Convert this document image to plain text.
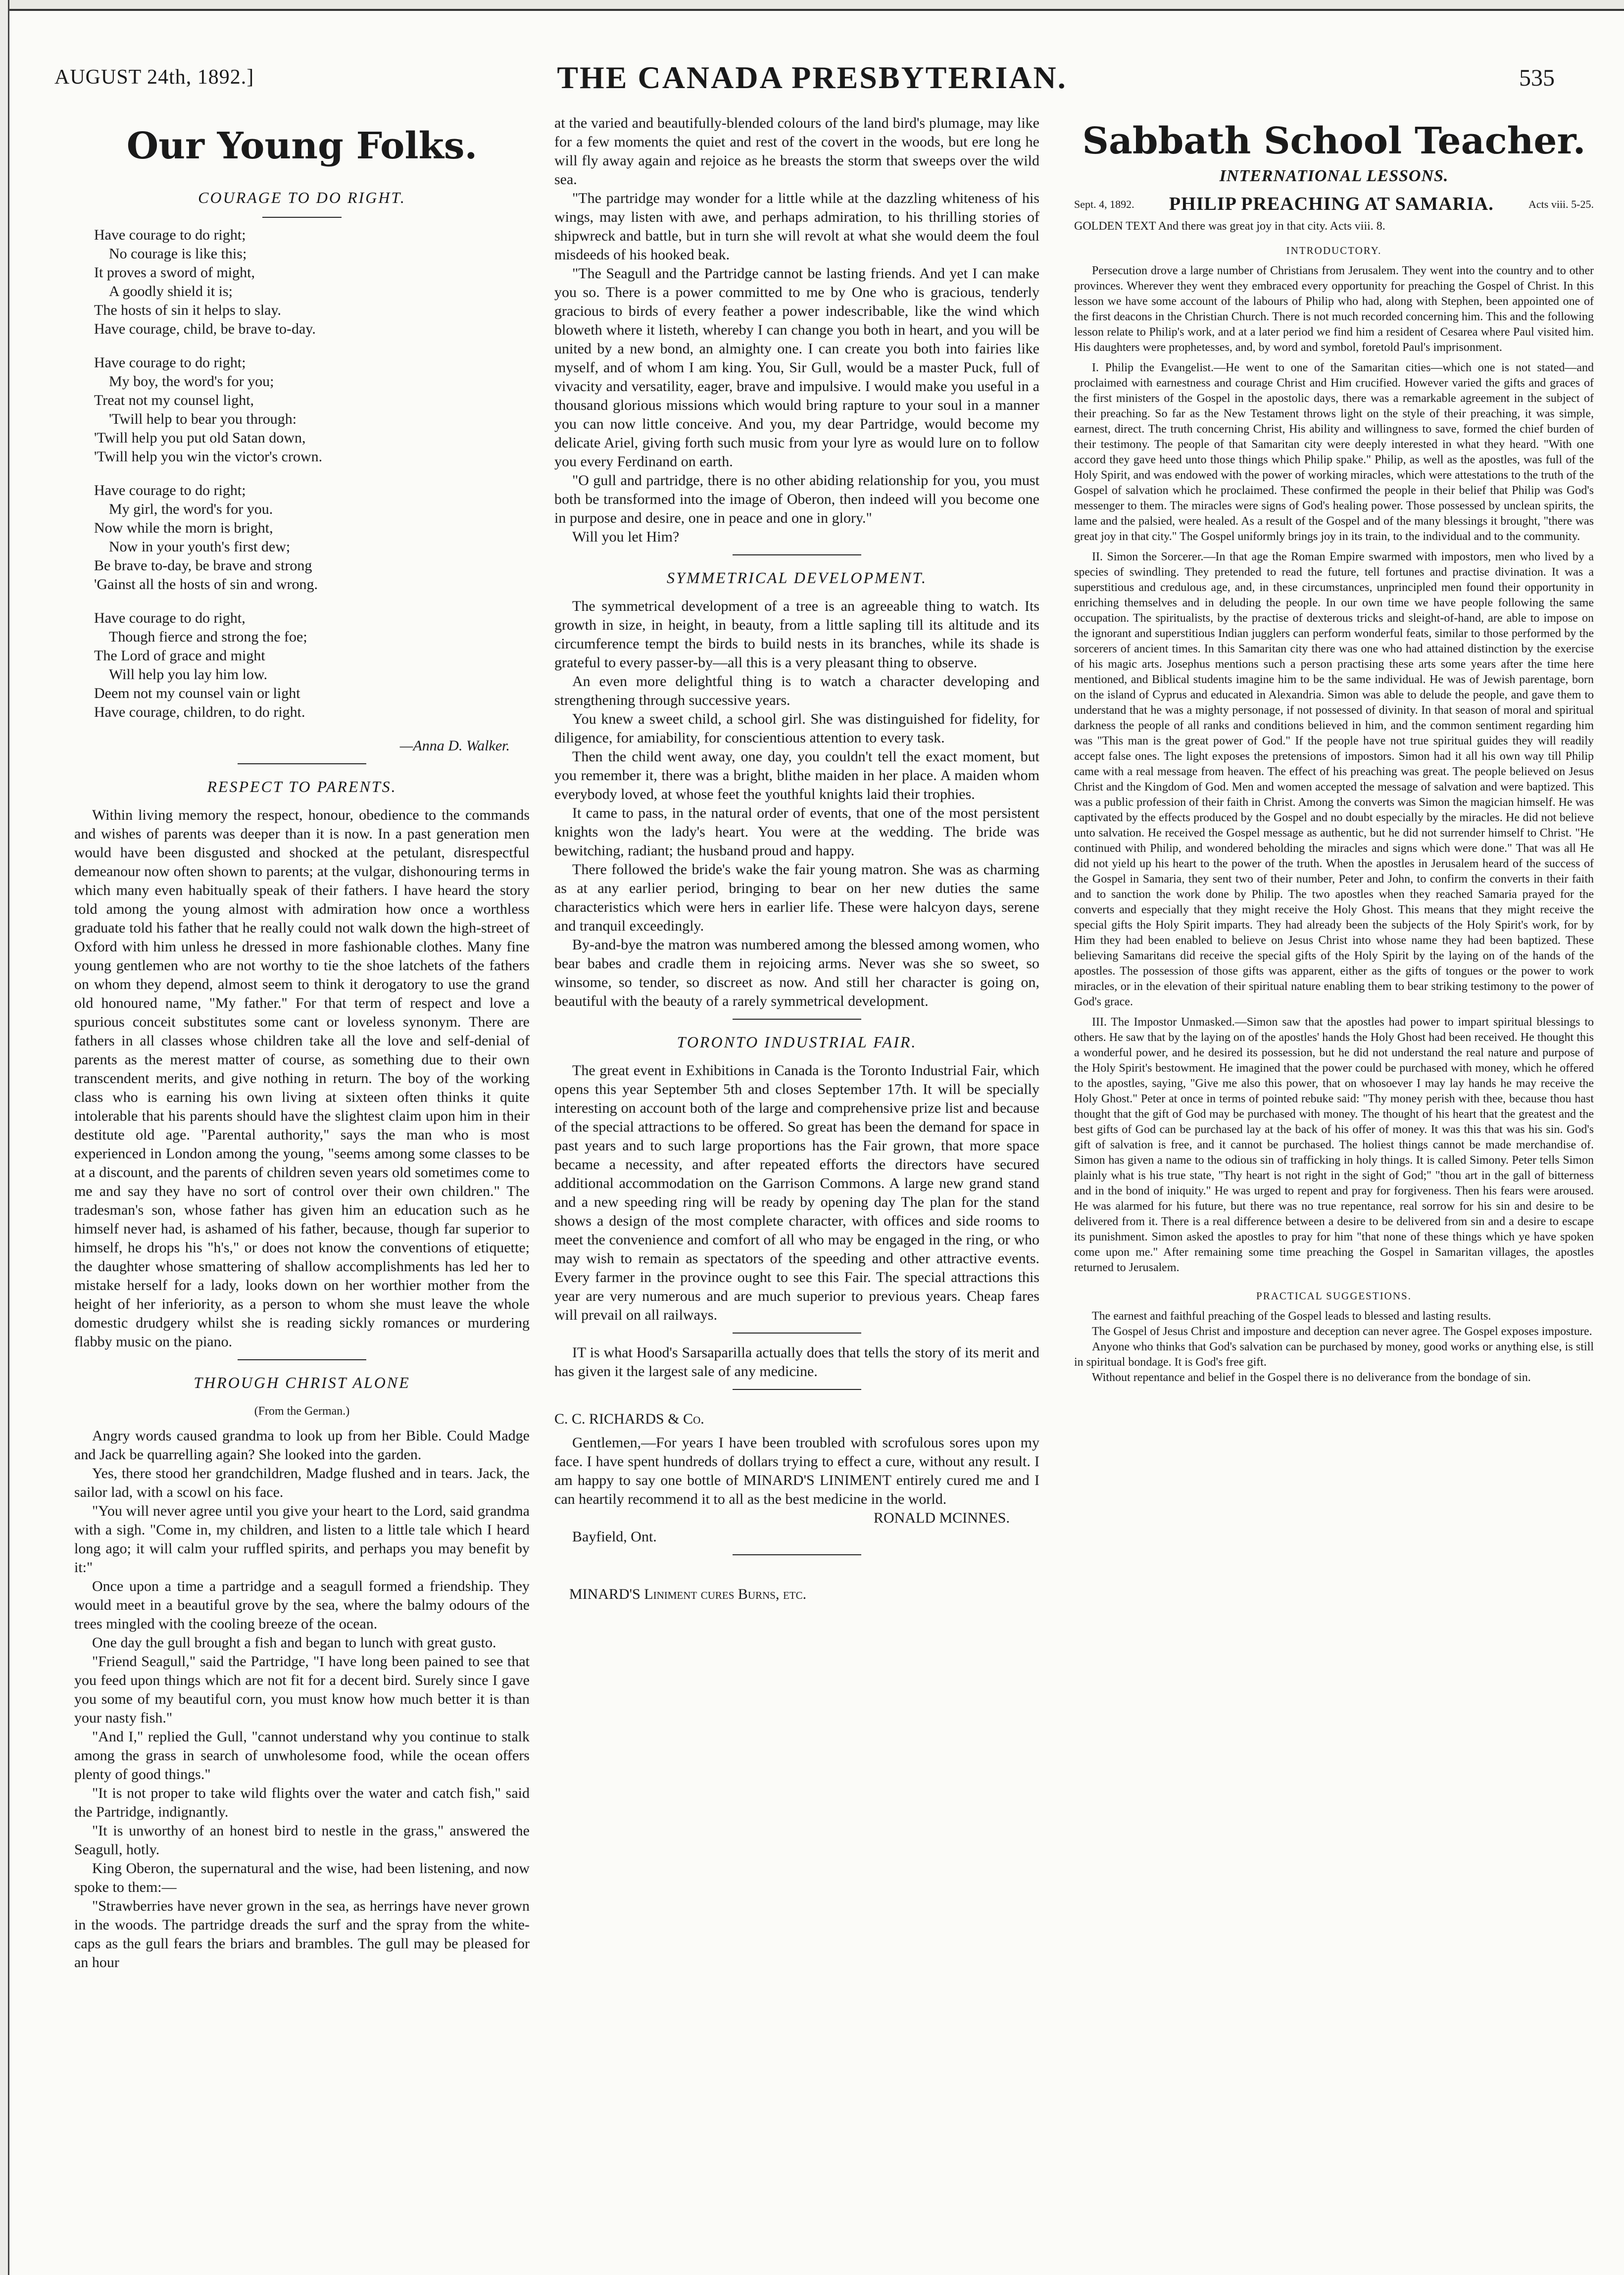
AUGUST 24th, 1892.]	THE CANADA PRESBYTERIAN.	535
Our Young Folks.
COURAGE TO DO RIGHT.
Have courage to do right;
No courage is like this;
It proves a sword of might,
A goodly shield it is;
The hosts of sin it helps to slay.
Have courage, child, be brave to-day.
Have courage to do right;
My boy, the word's for you;
Treat not my counsel light,
'Twill help to bear you through:
'Twill help you put old Satan down,
'Twill help you win the victor's crown.
Have courage to do right;
My girl, the word's for you.
Now while the morn is bright,
Now in your youth's first dew;
Be brave to-day, be brave and strong
'Gainst all the hosts of sin and wrong.
Have courage to do right,
Though fierce and strong the foe;
The Lord of grace and might
Will help you lay him low.
Deem not my counsel vain or light
Have courage, children, to do right.
—Anna D. Walker.
RESPECT TO PARENTS.

Within living memory the respect, honour, obedience to the commands and wishes of parents was deeper than it is now. In a past generation men would have been disgusted and shocked at the petulant, disrespectful demeanour now often shown to parents; at the vulgar, dishonouring terms in which many even habitually speak of their fathers. I have heard the story told among the young almost with admiration how once a worthless graduate told his father that he really could not walk down the high-street of Oxford with him unless he dressed in more fashionable clothes. Many fine young gentlemen who are not worthy to tie the shoe latchets of the fathers on whom they depend, almost seem to think it derogatory to use the grand old honoured name, "My father." For that term of respect and love a spurious conceit substitutes some cant or loveless synonym. There are fathers in all classes whose children take all the love and self-denial of parents as the merest matter of course, as something due to their own transcendent merits, and give nothing in return. The boy of the working class who is earning his own living at sixteen often thinks it quite intolerable that his parents should have the slightest claim upon him in their destitute old age. "Parental authority," says the man who is most experienced in London among the young, "seems among some classes to be at a discount, and the parents of children seven years old sometimes come to me and say they have no sort of control over their own children." The tradesman's son, whose father has given him an education such as he himself never had, is ashamed of his father, because, though far superior to himself, he drops his "h's," or does not know the conventions of etiquette; the daughter whose smattering of shallow accomplishments has led her to mistake herself for a lady, looks down on her worthier mother from the height of her inferiority, as a person to whom she must leave the whole domestic drudgery whilst she is reading sickly romances or murdering flabby music on the piano.

THROUGH CHRIST ALONE
(From the German.)

Angry words caused grandma to look up from her Bible. Could Madge and Jack be quarrelling again? She looked into the garden.

Yes, there stood her grandchildren, Madge flushed and in tears. Jack, the sailor lad, with a scowl on his face.

"You will never agree until you give your heart to the Lord, said grandma with a sigh. "Come in, my children, and listen to a little tale which I heard long ago; it will calm your ruffled spirits, and perhaps you may benefit by it:"

Once upon a time a partridge and a seagull formed a friendship. They would meet in a beautiful grove by the sea, where the balmy odours of the trees mingled with the cooling breeze of the ocean.

One day the gull brought a fish and began to lunch with great gusto.

"Friend Seagull," said the Partridge, "I have long been pained to see that you feed upon things which are not fit for a decent bird. Surely since I gave you some of my beautiful corn, you must know how much better it is than your nasty fish."

"And I," replied the Gull, "cannot understand why you continue to stalk among the grass in search of unwholesome food, while the ocean offers plenty of good things."

"It is not proper to take wild flights over the water and catch fish," said the Partridge, indignantly.

"It is unworthy of an honest bird to nestle in the grass," answered the Seagull, hotly.

King Oberon, the supernatural and the wise, had been listening, and now spoke to them:—

"Strawberries have never grown in the sea, as herrings have never grown in the woods. The partridge dreads the surf and the spray from the white-caps as the gull fears the briars and brambles. The gull may be pleased for an hour

at the varied and beautifully-blended colours of the land bird's plumage, may like for a few moments the quiet and rest of the covert in the woods, but ere long he will fly away again and rejoice as he breasts the storm that sweeps over the wild sea.

"The partridge may wonder for a little while at the dazzling whiteness of his wings, may listen with awe, and perhaps admiration, to his thrilling stories of shipwreck and battle, but in turn she will revolt at what she would deem the foul misdeeds of his hooked beak.

"The Seagull and the Partridge cannot be lasting friends. And yet I can make you so. There is a power committed to me by One who is gracious, tenderly gracious to birds of every feather a power indescribable, like the wind which bloweth where it listeth, whereby I can change you both in heart, and you will be united by a new bond, an almighty one. I can create you both into fairies like myself, and of whom I am king. You, Sir Gull, would be a master Puck, full of vivacity and versatility, eager, brave and impulsive. I would make you useful in a thousand glorious missions which would bring rapture to your soul in a manner you can now little conceive. And you, my dear Partridge, would become my delicate Ariel, giving forth such music from your lyre as would lure on to follow you every Ferdinand on earth.

"O gull and partridge, there is no other abiding relationship for you, you must both be transformed into the image of Oberon, then indeed will you become one in purpose and desire, one in peace and one in glory."

Will you let Him?

SYMMETRICAL DEVELOPMENT.

The symmetrical development of a tree is an agreeable thing to watch. Its growth in size, in height, in beauty, from a little sapling till its altitude and its circumference tempt the birds to build nests in its branches, while its shade is grateful to every passer-by—all this is a very pleasant thing to observe.

An even more delightful thing is to watch a character developing and strengthening through successive years.

You knew a sweet child, a school girl. She was distinguished for fidelity, for diligence, for amiability, for conscientious attention to every task.

Then the child went away, one day, you couldn't tell the exact moment, but you remember it, there was a bright, blithe maiden in her place. A maiden whom everybody loved, at whose feet the youthful knights laid their trophies.

It came to pass, in the natural order of events, that one of the most persistent knights won the lady's heart. You were at the wedding. The bride was bewitching, radiant; the husband proud and happy.

There followed the bride's wake the fair young matron. She was as charming as at any earlier period, bringing to bear on her new duties the same characteristics which were hers in earlier life. These were halcyon days, serene and tranquil exceedingly.

By-and-bye the matron was numbered among the blessed among women, who bear babes and cradle them in rejoicing arms. Never was she so sweet, so winsome, so tender, so discreet as now. And still her character is going on, beautiful with the beauty of a rarely symmetrical development.

TORONTO INDUSTRIAL FAIR.

The great event in Exhibitions in Canada is the Toronto Industrial Fair, which opens this year September 5th and closes September 17th. It will be specially interesting on account both of the large and comprehensive prize list and because of the special attractions to be offered. So great has been the demand for space in past years and to such large proportions has the Fair grown, that more space became a necessity, and after repeated efforts the directors have secured additional accommodation on the Garrison Commons. A large new grand stand and a new speeding ring will be ready by opening day The plan for the stand shows a design of the most complete character, with offices and side rooms to meet the convenience and comfort of all who may be engaged in the ring, or who may wish to remain as spectators of the speeding and other attractive events. Every farmer in the province ought to see this Fair. The special attractions this year are very numerous and are much superior to previous years. Cheap fares will prevail on all railways.

IT is what Hood's Sarsaparilla actually does that tells the story of its merit and has given it the largest sale of any medicine.

C. C. RICHARDS & Co.

Gentlemen,—For years I have been troubled with scrofulous sores upon my face. I have spent hundreds of dollars trying to effect a cure, without any result. I am happy to say one bottle of MINARD'S LINIMENT entirely cured me and I can heartily recommend it to all as the best medicine in the world.

RONALD MCINNES.
Bayfield, Ont.
MINARD'S Liniment cures Burns, etc.
Sabbath School Teacher.
INTERNATIONAL LESSONS.
Sept. 4, 1892. PHILIP PREACHING AT SAMARIA.	Acts viii. 5-25.

GOLDEN TEXT And there was great joy in that city. Acts viii. 8.

INTRODUCTORY.

Persecution drove a large number of Christians from Jerusalem. They went into the country and to other provinces. Wherever they went they embraced every opportunity for preaching the Gospel of Christ. In this lesson we have some account of the labours of Philip who had, along with Stephen, been appointed one of the first deacons in the Christian Church. There is not much recorded concerning him. This and the following lesson relate to Philip's work, and at a later period we find him a resident of Cesarea where Paul visited him. His daughters were prophetesses, and, by word and symbol, foretold Paul's imprisonment.

I. Philip the Evangelist.—He went to one of the Samaritan cities—which one is not stated—and proclaimed with earnestness and courage Christ and Him crucified. However varied the gifts and graces of the first ministers of the Gospel in the apostolic days, there was a remarkable agreement in the subject of their preaching. So far as the New Testament throws light on the style of their preaching, it was simple, earnest, direct. The truth concerning Christ, His ability and willingness to save, formed the chief burden of their testimony. The people of that Samaritan city were deeply interested in what they heard. "With one accord they gave heed unto those things which Philip spake." Philip, as well as the apostles, was full of the Holy Spirit, and was endowed with the power of working miracles, which were attestations to the truth of the Gospel of salvation which he proclaimed. These confirmed the people in their belief that Philip was God's messenger to them. The miracles were signs of God's healing power. Those possessed by unclean spirits, the lame and the palsied, were healed. As a result of the Gospel and of the many blessings it brought, "there was great joy in that city." The Gospel uniformly brings joy in its train, to the individual and to the community.

II. Simon the Sorcerer.—In that age the Roman Empire swarmed with impostors, men who lived by a species of swindling. They pretended to read the future, tell fortunes and practise divination. It was a superstitious and credulous age, and, in these circumstances, unprincipled men found their opportunity in enriching themselves and in deluding the people. In our own time we have people following the same occupation. The spiritualists, by the practise of dexterous tricks and sleight-of-hand, are able to impose on the ignorant and superstitious Indian jugglers can perform wonderful feats, similar to those performed by the sorcerers of ancient times. In this Samaritan city there was one who had attained distinction by the exercise of his magic arts. Josephus mentions such a person practising these arts some years after the time here mentioned, and Biblical students imagine him to be the same individual. He was of Jewish parentage, born on the island of Cyprus and educated in Alexandria. Simon was able to delude the people, and gave them to understand that he was a mighty personage, if not possessed of divinity. In that season of moral and spiritual darkness the people of all ranks and conditions believed in him, and the common sentiment regarding him was "This man is the great power of God." If the people have not true spiritual guides they will readily accept false ones. The light exposes the pretensions of impostors. Simon had it all his own way till Philip came with a real message from heaven. The effect of his preaching was great. The people believed on Jesus Christ and the Kingdom of God. Men and women accepted the message of salvation and were baptized. This was a public profession of their faith in Christ. Among the converts was Simon the magician himself. He was captivated by the effects produced by the Gospel and no doubt especially by the miracles. He did not believe unto salvation. He received the Gospel message as authentic, but he did not surrender himself to Christ. "He continued with Philip, and wondered beholding the miracles and signs which were done." That was all He did not yield up his heart to the power of the truth. When the apostles in Jerusalem heard of the success of the Gospel in Samaria, they sent two of their number, Peter and John, to confirm the converts in their faith and to sanction the work done by Philip. The two apostles when they reached Samaria prayed for the converts and especially that they might receive the Holy Ghost. This means that they might receive the special gifts the Holy Spirit imparts. They had already been the subjects of the Holy Spirit's work, for by Him they had been enabled to believe on Jesus Christ into whose name they had been baptized. These believing Samaritans did receive the special gifts of the Holy Spirit by the laying on of the hands of the apostles. The possession of those gifts was apparent, either as the gifts of tongues or the power to work miracles, or in the elevation of their spiritual nature enabling them to bear striking testimony to the power of God's grace.

III. The Impostor Unmasked.—Simon saw that the apostles had power to impart spiritual blessings to others. He saw that by the laying on of the apostles' hands the Holy Ghost had been received. He thought this a wonderful power, and he desired its possession, but he did not understand the real nature and purpose of the Holy Spirit's bestowment. He imagined that the power could be purchased with money, which he offered to the apostles, saying, "Give me also this power, that on whosoever I may lay hands he may receive the Holy Ghost." Peter at once in terms of pointed rebuke said: "Thy money perish with thee, because thou hast thought that the gift of God may be purchased with money. The thought of his heart that the greatest and the best gifts of God can be purchased lay at the back of his offer of money. It was this that was his sin. God's gift of salvation is free, and it cannot be purchased. The holiest things cannot be made merchandise of. Simon has given a name to the odious sin of trafficking in holy things. It is called Simony. Peter tells Simon plainly what is his true state, "Thy heart is not right in the sight of God;" "thou art in the gall of bitterness and in the bond of iniquity." He was urged to repent and pray for forgiveness. Then his fears were aroused. He was alarmed for his future, but there was no true repentance, real sorrow for his sin and desire to be delivered from it. There is a real difference between a desire to be delivered from sin and a desire to escape its punishment. Simon asked the apostles to pray for him "that none of these things which ye have spoken come upon me." After remaining some time preaching the Gospel in Samaritan villages, the apostles returned to Jerusalem.

PRACTICAL SUGGESTIONS.

The earnest and faithful preaching of the Gospel leads to blessed and lasting results.

The Gospel of Jesus Christ and imposture and deception can never agree. The Gospel exposes imposture.

Anyone who thinks that God's salvation can be purchased by money, good works or anything else, is still in spiritual bondage. It is God's free gift.

Without repentance and belief in the Gospel there is no deliverance from the bondage of sin.
